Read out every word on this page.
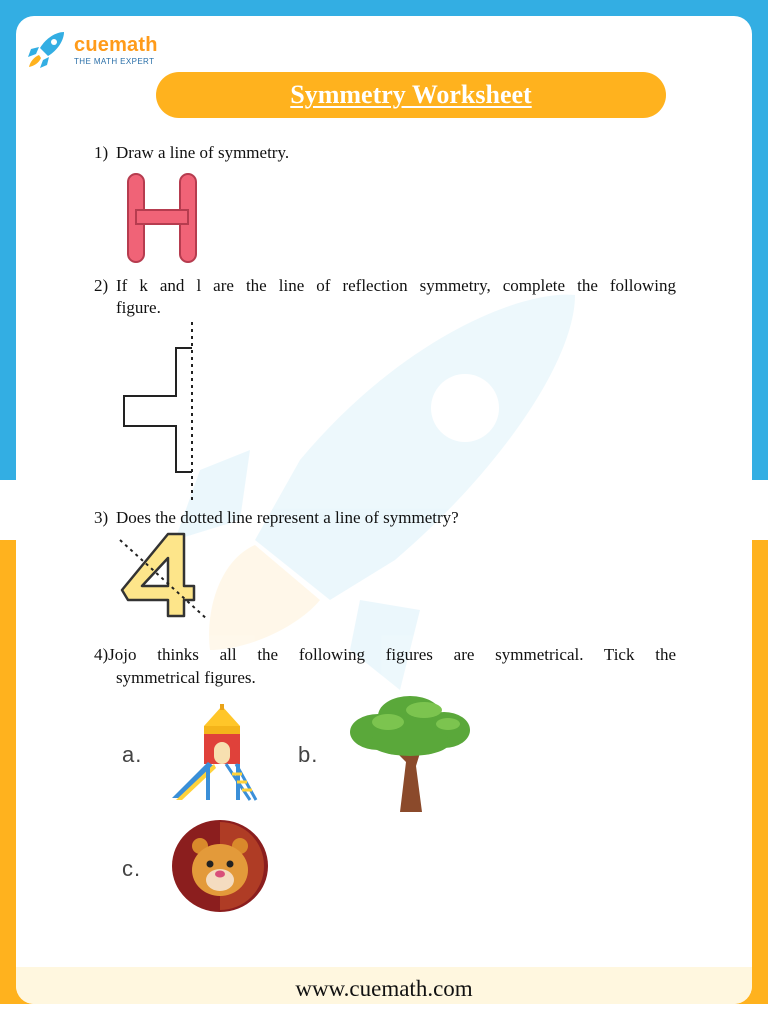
cuemath
THE MATH EXPERT
Symmetry Worksheet
1) Draw a line of symmetry.
H
2) If k and l are the line of reflection symmetry, complete the following
figure.
3) Does the dotted line represent a line of symmetry?
4
4)Jojo thinks all the following figures are symmetrical. Tick the
symmetrical figures.
a.	b.
c.
www.cuemath.com
